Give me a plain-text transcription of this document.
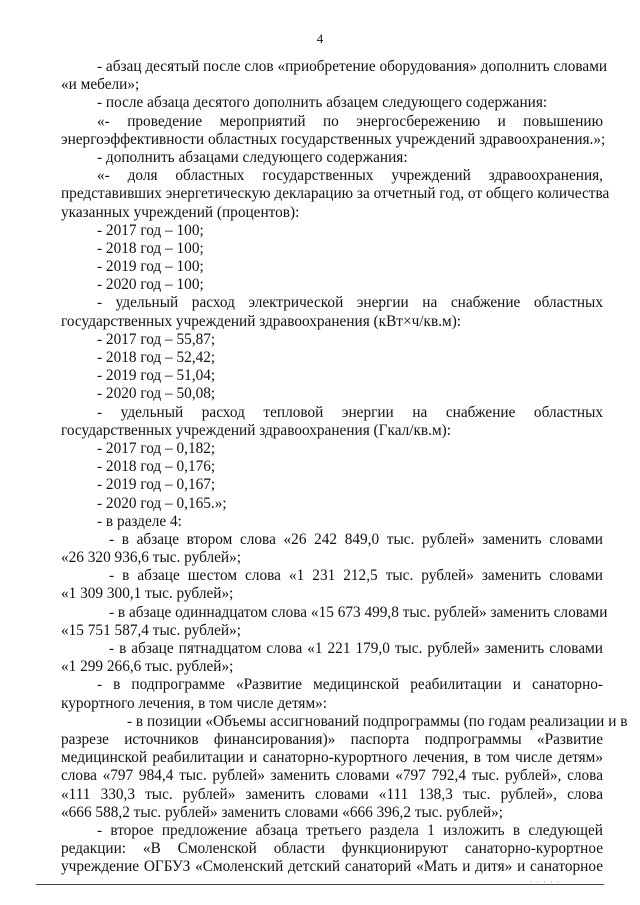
4
- абзац десятый после слов «приобретение оборудования» дополнить словами
«и мебели»;
- после абзаца десятого дополнить абзацем следующего содержания:
«- проведение мероприятий по энергосбережению и повышению
энергоэффективности областных государственных учреждений здравоохранения.»;
- дополнить абзацами следующего содержания:
«- доля областных государственных учреждений здравоохранения,
представивших энергетическую декларацию за отчетный год, от общего количества
указанных учреждений (процентов):
- 2017 год – 100;
- 2018 год – 100;
- 2019 год – 100;
- 2020 год – 100;
- удельный расход электрической энергии на снабжение областных
государственных учреждений здравоохранения (кВт×ч/кв.м):
- 2017 год – 55,87;
- 2018 год – 52,42;
- 2019 год – 51,04;
- 2020 год – 50,08;
- удельный расход тепловой энергии на снабжение областных
государственных учреждений здравоохранения (Гкал/кв.м):
- 2017 год – 0,182;
- 2018 год – 0,176;
- 2019 год – 0,167;
- 2020 год – 0,165.»;
- в разделе 4:
- в абзаце втором слова «26 242 849,0 тыс. рублей» заменить словами
«26 320 936,6 тыс. рублей»;
- в абзаце шестом слова «1 231 212,5 тыс. рублей» заменить словами
«1 309 300,1 тыс. рублей»;
- в абзаце одиннадцатом слова «15 673 499,8 тыс. рублей» заменить словами
«15 751 587,4 тыс. рублей»;
- в абзаце пятнадцатом слова «1 221 179,0 тыс. рублей» заменить словами
«1 299 266,6 тыс. рублей»;
- в подпрограмме «Развитие медицинской реабилитации и санаторно-
курортного лечения, в том числе детям»:
- в позиции «Объемы ассигнований подпрограммы (по годам реализации и в
разрезе источников финансирования)» паспорта подпрограммы «Развитие
медицинской реабилитации и санаторно-курортного лечения, в том числе детям»
слова «797 984,4 тыс. рублей» заменить словами «797 792,4 тыс. рублей», слова
«111 330,3 тыс. рублей» заменить словами «111 138,3 тыс. рублей», слова
«666 588,2 тыс. рублей» заменить словами «666 396,2 тыс. рублей»;
- второе предложение абзаца третьего раздела 1 изложить в следующей
редакции: «В Смоленской области функционируют санаторно-курортное
учреждение ОГБУЗ «Смоленский детский санаторий «Мать и дитя» и санаторное
· · · · ·
